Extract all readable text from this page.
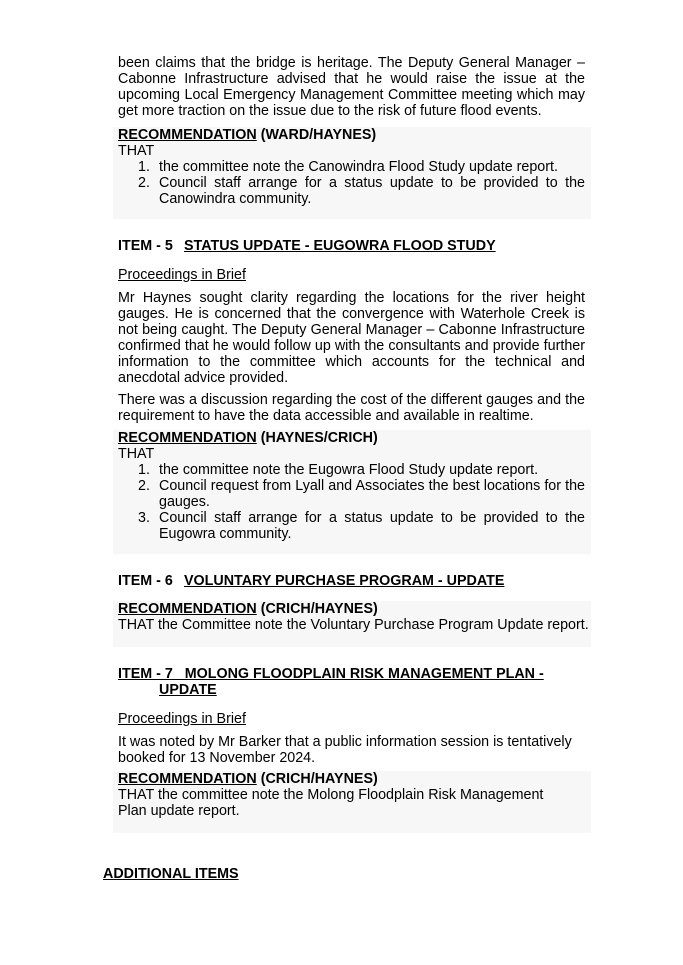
been claims that the bridge is heritage. The Deputy General Manager – Cabonne Infrastructure advised that he would raise the issue at the upcoming Local Emergency Management Committee meeting which may get more traction on the issue due to the risk of future flood events.
RECOMMENDATION (WARD/HAYNES)
THAT
1. the committee note the Canowindra Flood Study update report.
2. Council staff arrange for a status update to be provided to the Canowindra community.
ITEM - 5 STATUS UPDATE - EUGOWRA FLOOD STUDY
Proceedings in Brief
Mr Haynes sought clarity regarding the locations for the river height gauges. He is concerned that the convergence with Waterhole Creek is not being caught. The Deputy General Manager – Cabonne Infrastructure confirmed that he would follow up with the consultants and provide further information to the committee which accounts for the technical and anecdotal advice provided.
There was a discussion regarding the cost of the different gauges and the requirement to have the data accessible and available in realtime.
RECOMMENDATION (HAYNES/CRICH)
THAT
1. the committee note the Eugowra Flood Study update report.
2. Council request from Lyall and Associates the best locations for the gauges.
3. Council staff arrange for a status update to be provided to the Eugowra community.
ITEM - 6 VOLUNTARY PURCHASE PROGRAM - UPDATE
RECOMMENDATION (CRICH/HAYNES)
THAT the Committee note the Voluntary Purchase Program Update report.
ITEM - 7   MOLONG FLOODPLAIN RISK MANAGEMENT PLAN -
UPDATE
Proceedings in Brief
It was noted by Mr Barker that a public information session is tentatively booked for 13 November 2024.
RECOMMENDATION (CRICH/HAYNES)
THAT the committee note the Molong Floodplain Risk Management Plan update report.
ADDITIONAL ITEMS
